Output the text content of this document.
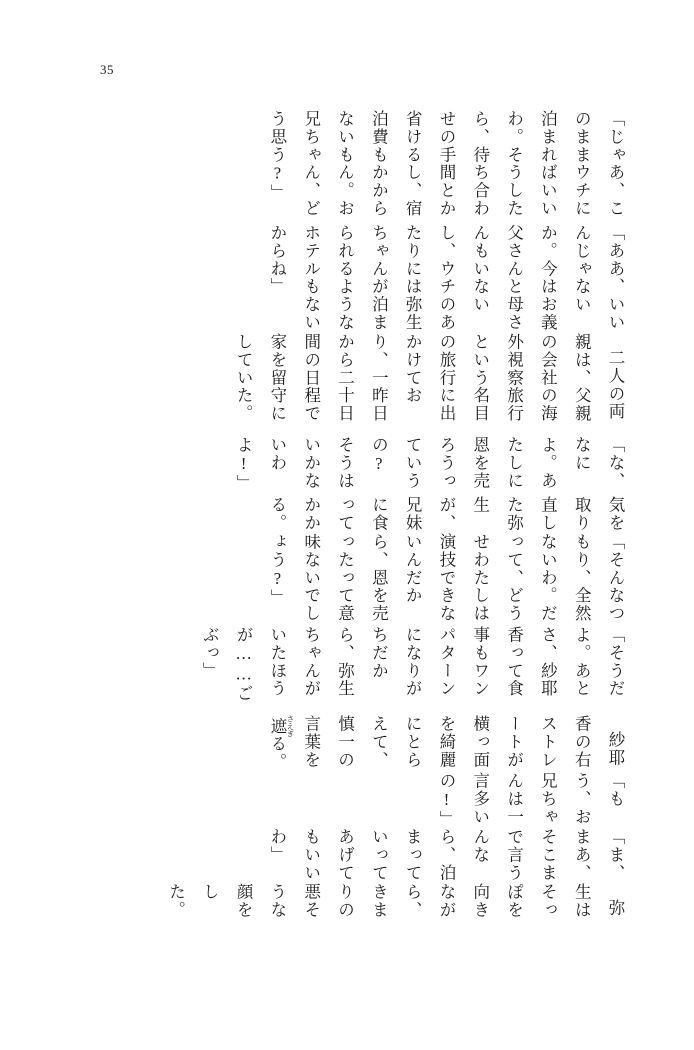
35

「じゃあ、このままウチに泊まればいいわ。そうしたら、待ち合わせの手間とか省けるし、宿泊費もかからないもん。お兄ちゃん、どう思う?」

「ああ、いいんじゃないか。今はお義父さんと母さんもいないし、ウチのあたりには弥生ちゃんが泊まられるようなホテルもないからね」

二人の両親は、父親の会社の海外視察旅行という名目の旅行に出かけており、一昨日から二十日間の日程で家を留守にしていた。

「な、なによ。あたしに恩を売ろうっていうの? そうはいかないわよ!」

気を取り直した弥生が、兄妹に食ってかかる。

「そんなつもり、全然ないわ。だって、どうせわたしは演技できないんだから、恩を売ったって意味ないでしょう?」

「そうだよ。あとさ、紗耶香って食事もワンパターンになりがちだから、弥生ちゃんがいたほうが……ごぶっ」

紗耶香の右ストレートが横っ面を綺麗にとらえて、慎一の言葉を遮 さえぎる。

「もう、お兄ちゃんは一言多いの!」

「ま、まあ、そこまで言うんなら、泊まっていってあげてもいいわ」

弥生はそっぽを向きながら、きまりの悪そうな顔をした。
